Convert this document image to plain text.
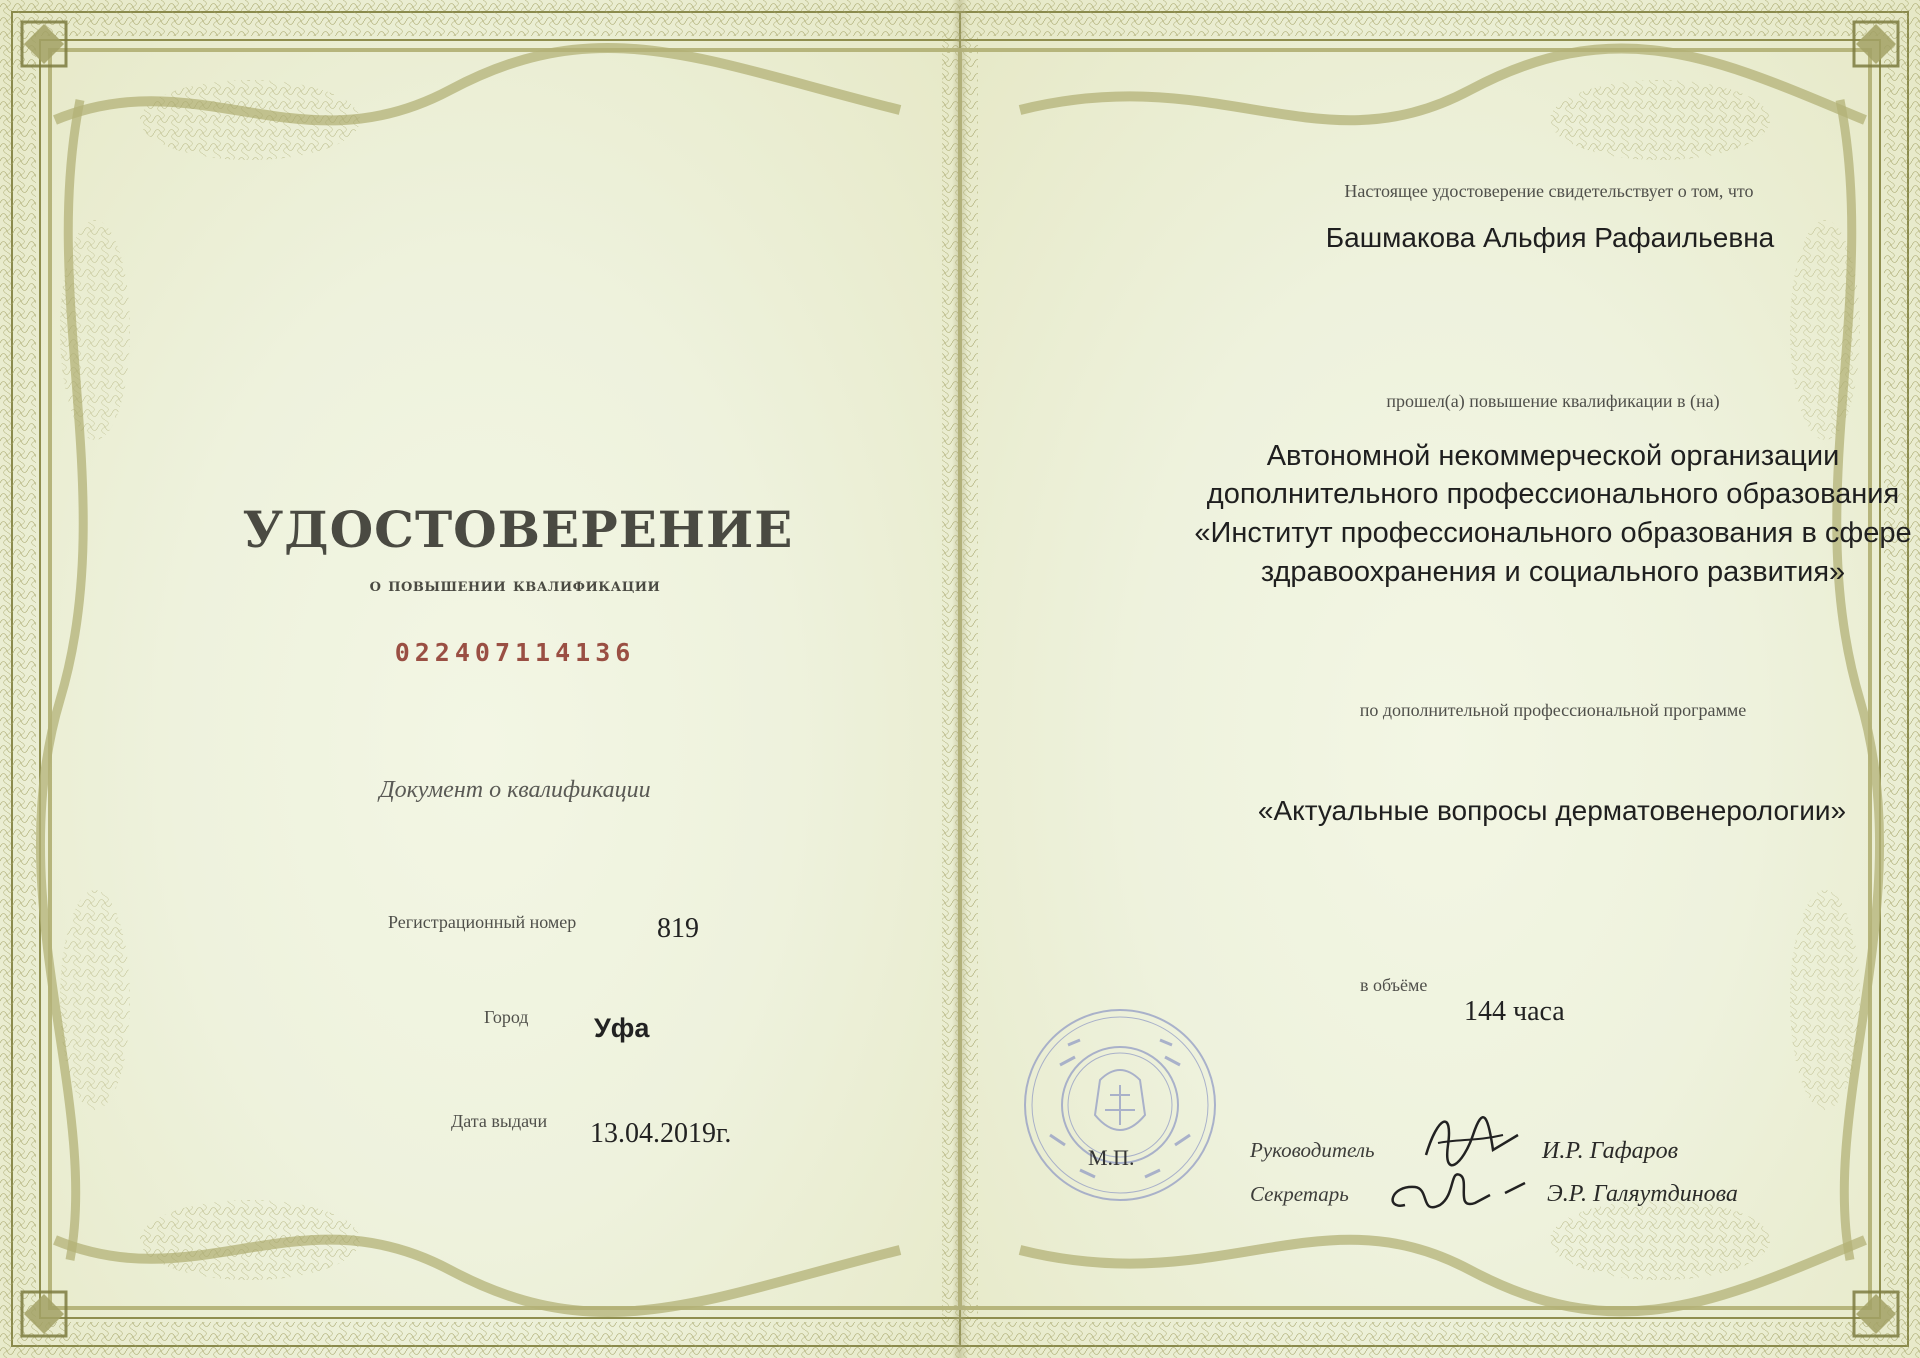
УДОСТОВЕРЕНИЕ
о повышении квалификации
022407114136
Документ о квалификации
Регистрационный номер	819
Город Уфа
Дата выдачи 13.04.2019г.
Настоящее удостоверение свидетельствует о том, что
Башмакова Альфия Рафаильевна
прошел(а) повышение квалификации в (на)
Автономной некоммерческой организации
дополнительного профессионального образования
«Институт профессионального образования в сфере
здравоохранения и социального развития»
по дополнительной профессиональной программе
«Актуальные вопросы дерматовенерологии»
в объёме
144 часа
М.П.	Руководитель	И.Р. Гафаров
Секретарь	Э.Р. Галяутдинова
